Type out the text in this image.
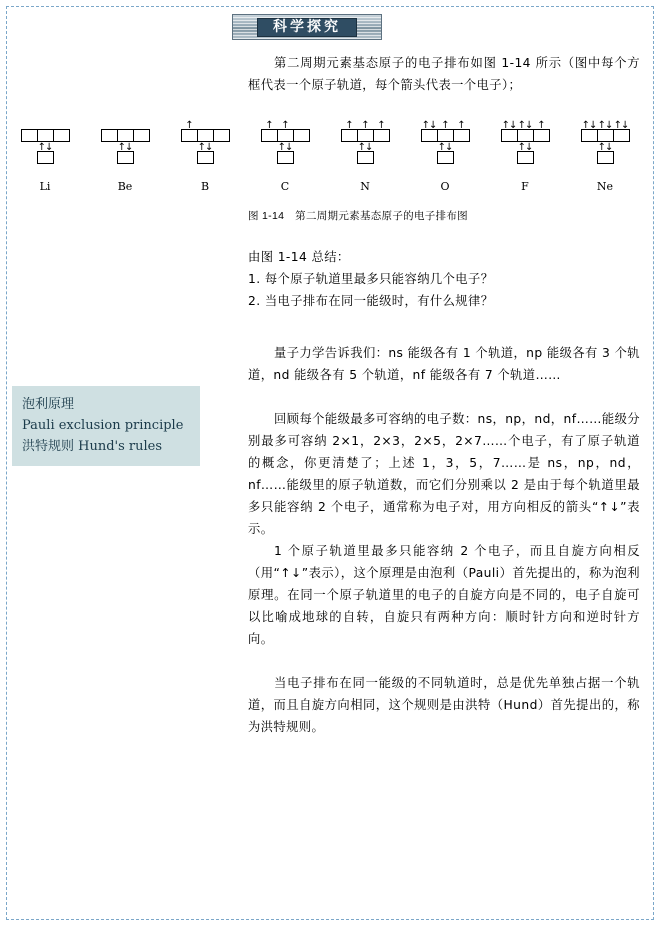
科学探究
第二周期元素基态原子的电子排布如图 1-14 所示（图中每个方框代表一个原子轨道，每个箭头代表一个电子）；
↑↓
Li
↑↓
Be
↑
↑↓
B
↑ ↑
↑↓
C
↑ ↑ ↑
↑↓
N
↑↓ ↑ ↑
↑↓
O
↑↓ ↑↓ ↑
↑↓
F
↑↓ ↑↓ ↑↓
↑↓
Ne
图 1-14 第二周期元素基态原子的电子排布图
由图 1-14 总结：
1. 每个原子轨道里最多只能容纳几个电子？
2. 当电子排布在同一能级时，有什么规律？
泡利原理
Pauli exclusion principle
洪特规则 Hund's rules
量子力学告诉我们：ns 能级各有 1 个轨道，np 能级各有 3 个轨道，nd 能级各有 5 个轨道，nf 能级各有 7 个轨道……
回顾每个能级最多可容纳的电子数：ns，np，nd，nf……能级分别最多可容纳 2×1，2×3，2×5，2×7……个电子，有了原子轨道的概念，你更清楚了；上述 1，3，5，7……是 ns，np，nd，nf……能级里的原子轨道数，而它们分别乘以 2 是由于每个轨道里最多只能容纳 2 个电子，通常称为电子对，用方向相反的箭头“↑↓”表示。
1 个原子轨道里最多只能容纳 2 个电子，而且自旋方向相反（用“↑↓”表示），这个原理是由泡利（Pauli）首先提出的，称为泡利原理。在同一个原子轨道里的电子的自旋方向是不同的，电子自旋可以比喻成地球的自转，自旋只有两种方向：顺时针方向和逆时针方向。
当电子排布在同一能级的不同轨道时，总是优先单独占据一个轨道，而且自旋方向相同，这个规则是由洪特（Hund）首先提出的，称为洪特规则。
